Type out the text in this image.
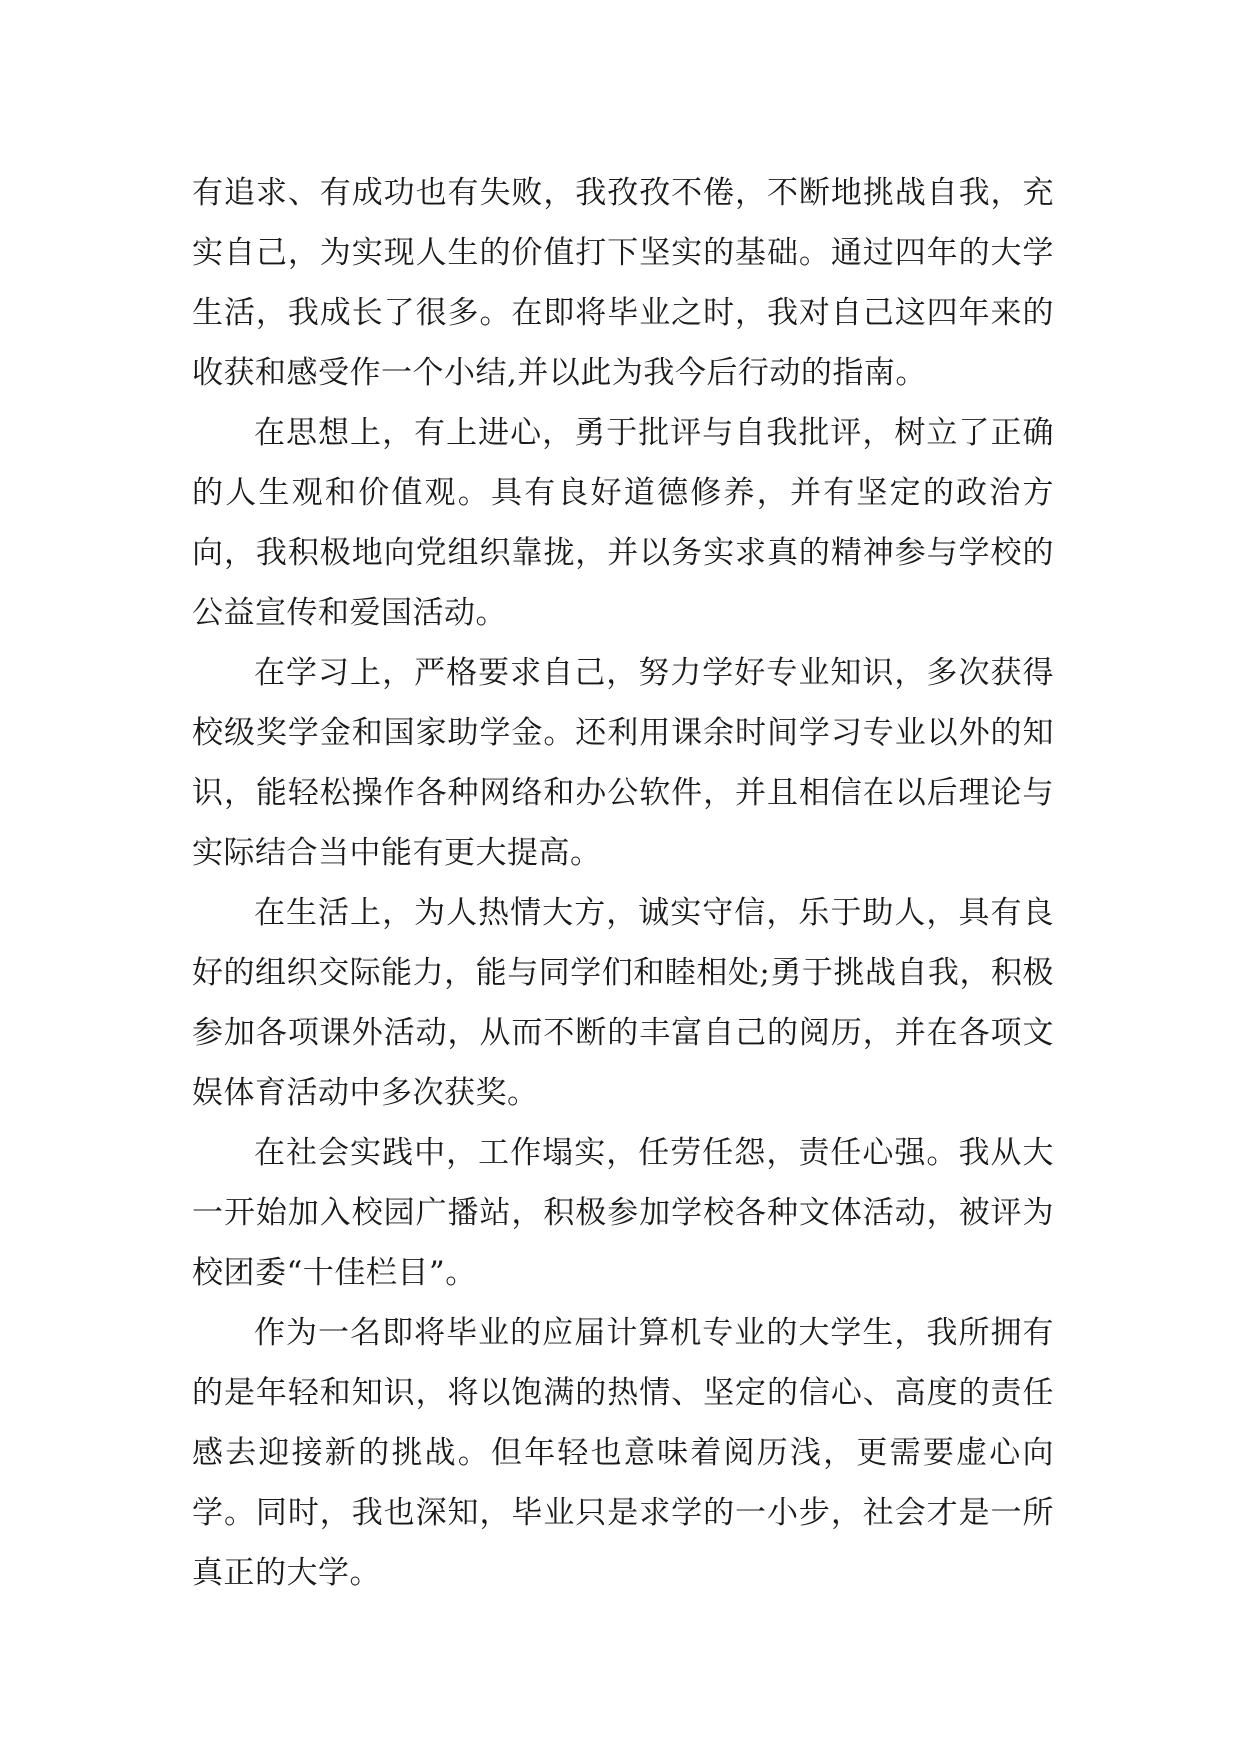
有追求、有成功也有失败，我孜孜不倦，不断地挑战自我，充实自己，为实现人生的价值打下坚实的基础。通过四年的大学生活，我成长了很多。在即将毕业之时，我对自己这四年来的收获和感受作一个小结,并以此为我今后行动的指南。

在思想上，有上进心，勇于批评与自我批评，树立了正确的人生观和价值观。具有良好道德修养，并有坚定的政治方向，我积极地向党组织靠拢，并以务实求真的精神参与学校的公益宣传和爱国活动。

在学习上，严格要求自己，努力学好专业知识，多次获得校级奖学金和国家助学金。还利用课余时间学习专业以外的知识，能轻松操作各种网络和办公软件，并且相信在以后理论与实际结合当中能有更大提高。

在生活上，为人热情大方，诚实守信，乐于助人，具有良好的组织交际能力，能与同学们和睦相处;勇于挑战自我，积极参加各项课外活动，从而不断的丰富自己的阅历，并在各项文娱体育活动中多次获奖。

在社会实践中，工作塌实，任劳任怨，责任心强。我从大一开始加入校园广播站，积极参加学校各种文体活动，被评为校团委“十佳栏目”。

作为一名即将毕业的应届计算机专业的大学生，我所拥有的是年轻和知识，将以饱满的热情、坚定的信心、高度的责任感去迎接新的挑战。但年轻也意味着阅历浅，更需要虚心向学。同时，我也深知，毕业只是求学的一小步，社会才是一所真正的大学。
